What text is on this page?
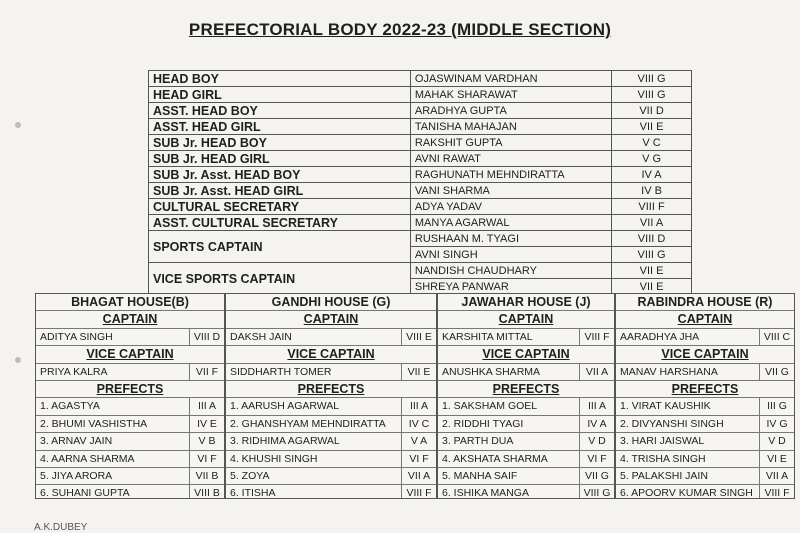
PREFECTORIAL BODY 2022-23 (MIDDLE SECTION)
HEAD BOY	OJASWINAM VARDHAN	VIII G
HEAD GIRL	MAHAK SHARAWAT	VIII G
ASST. HEAD BOY	ARADHYA GUPTA	VII D
ASST. HEAD GIRL	TANISHA MAHAJAN	VII E
SUB Jr. HEAD BOY	RAKSHIT GUPTA	V C
SUB Jr. HEAD GIRL	AVNI RAWAT	V G
SUB Jr. Asst. HEAD BOY	RAGHUNATH MEHNDIRATTA	IV A
SUB Jr. Asst. HEAD GIRL	VANI SHARMA	IV B
CULTURAL SECRETARY	ADYA YADAV	VIII F
ASST. CULTURAL SECRETARY	MANYA AGARWAL	VII A
SPORTS CAPTAIN	RUSHAAN M. TYAGI	VIII D
	AVNI SINGH	VIII G
VICE SPORTS CAPTAIN	NANDISH CHAUDHARY	VII E
	SHREYA PANWAR	VII E
BHAGAT HOUSE(B)
CAPTAIN
ADITYA SINGH	VIII D
VICE CAPTAIN
PRIYA KALRA	VII F
PREFECTS
1. AGASTYA	III A
2. BHUMI VASHISTHA	IV E
3. ARNAV JAIN	V B
4. AARNA SHARMA	VI F
5. JIYA ARORA	VII B
6. SUHANI GUPTA	VIII B
GANDHI HOUSE (G)
CAPTAIN
DAKSH JAIN	VIII E
VICE CAPTAIN
SIDDHARTH TOMER	VII E
PREFECTS
1. AARUSH AGARWAL	III A
2. GHANSHYAM MEHNDIRATTA	IV C
3. RIDHIMA AGARWAL	V A
4. KHUSHI SINGH	VI F
5. ZOYA	VII A
6. ITISHA	VIII F
JAWAHAR HOUSE (J)
CAPTAIN
KARSHITA MITTAL	VIII F
VICE CAPTAIN
ANUSHKA SHARMA	VII A
PREFECTS
1. SAKSHAM GOEL	III A
2. RIDDHI TYAGI	IV A
3. PARTH DUA	V D
4. AKSHATA SHARMA	VI F
5. MANHA SAIF	VII G
6. ISHIKA MANGA	VIII G
RABINDRA HOUSE (R)
CAPTAIN
AARADHYA JHA	VIII C
VICE CAPTAIN
MANAV HARSHANA	VII G
PREFECTS
1. VIRAT KAUSHIK	III G
2. DIVYANSHI SINGH	IV G
3. HARI JAISWAL	V D
4. TRISHA SINGH	VI E
5. PALAKSHI JAIN	VII A
6. APOORV KUMAR SINGH	VIII F
A.K.DUBEY
